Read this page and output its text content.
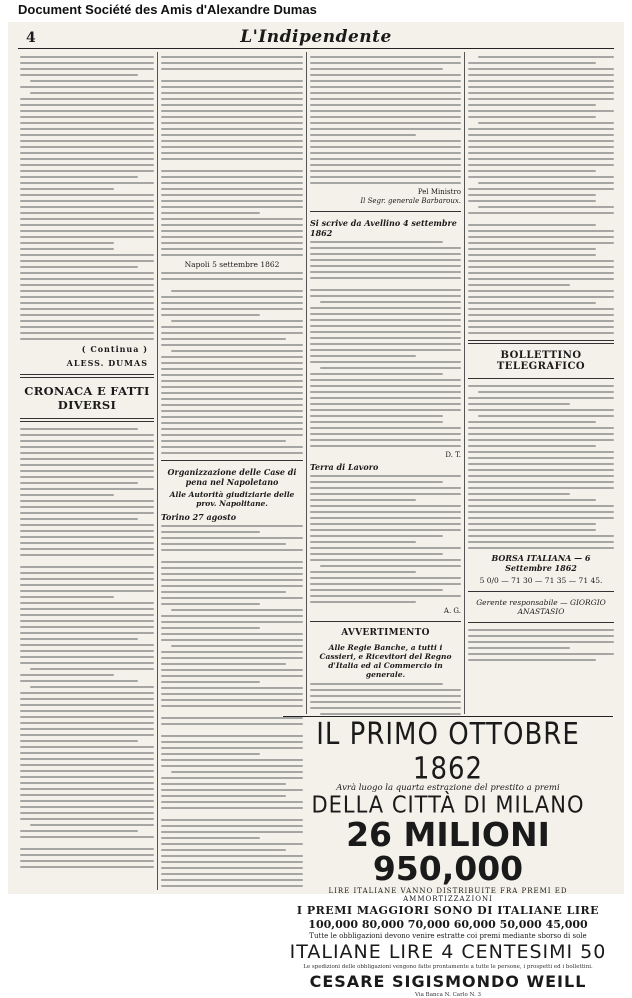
Document Société des Amis d'Alexandre Dumas
4	L'Indipendente
( Continua )
ALESS. DUMAS
CRONACA E FATTI DIVERSI
Napoli 5 settembre 1862
Organizzazione delle Case di pena nel Napoletano
Alle Autorità giudiziarie delle prov. Napolitane.
Torino 27 agosto
Pel Ministro
Il Segr. generale Barbaroux.
Si scrive da Avellino 4 settembre 1862
D. T.
Terra di Lavoro
A. G.
AVVERTIMENTO
Alle Regie Banche, a tutti i Cassieri, e Ricevitori del Regno d'Italia ed al Commercio in generale.
BOLLETTINO TELEGRAFICO
BORSA ITALIANA — 6 Settembre 1862
5 0/0 — 71 30 — 71 35 — 71 45.
Gerente responsabile — GIORGIO ANASTASIO
IL PRIMO OTTOBRE 1862
Avrà luogo la quarta estrazione del prestito a premi
DELLA CITTÀ DI MILANO
26 MILIONI 950,000
LIRE ITALIANE VANNO DISTRIBUITE FRA PREMI ED AMMORTIZZAZIONI
I PREMI MAGGIORI SONO DI ITALIANE LIRE
100,000 80,000 70,000 60,000 50,000 45,000
Tutte le obbligazioni devono venire estratte coi premi mediante sborso di sole
ITALIANE LIRE 4 CENTESIMI 50
Le spedizioni delle obbligazioni vengono fatte prontamente a tutte le persone, i prospetti ed i bollettini.
CESARE SIGISMONDO WEILL
Via Banca N. Carlo N. 3
